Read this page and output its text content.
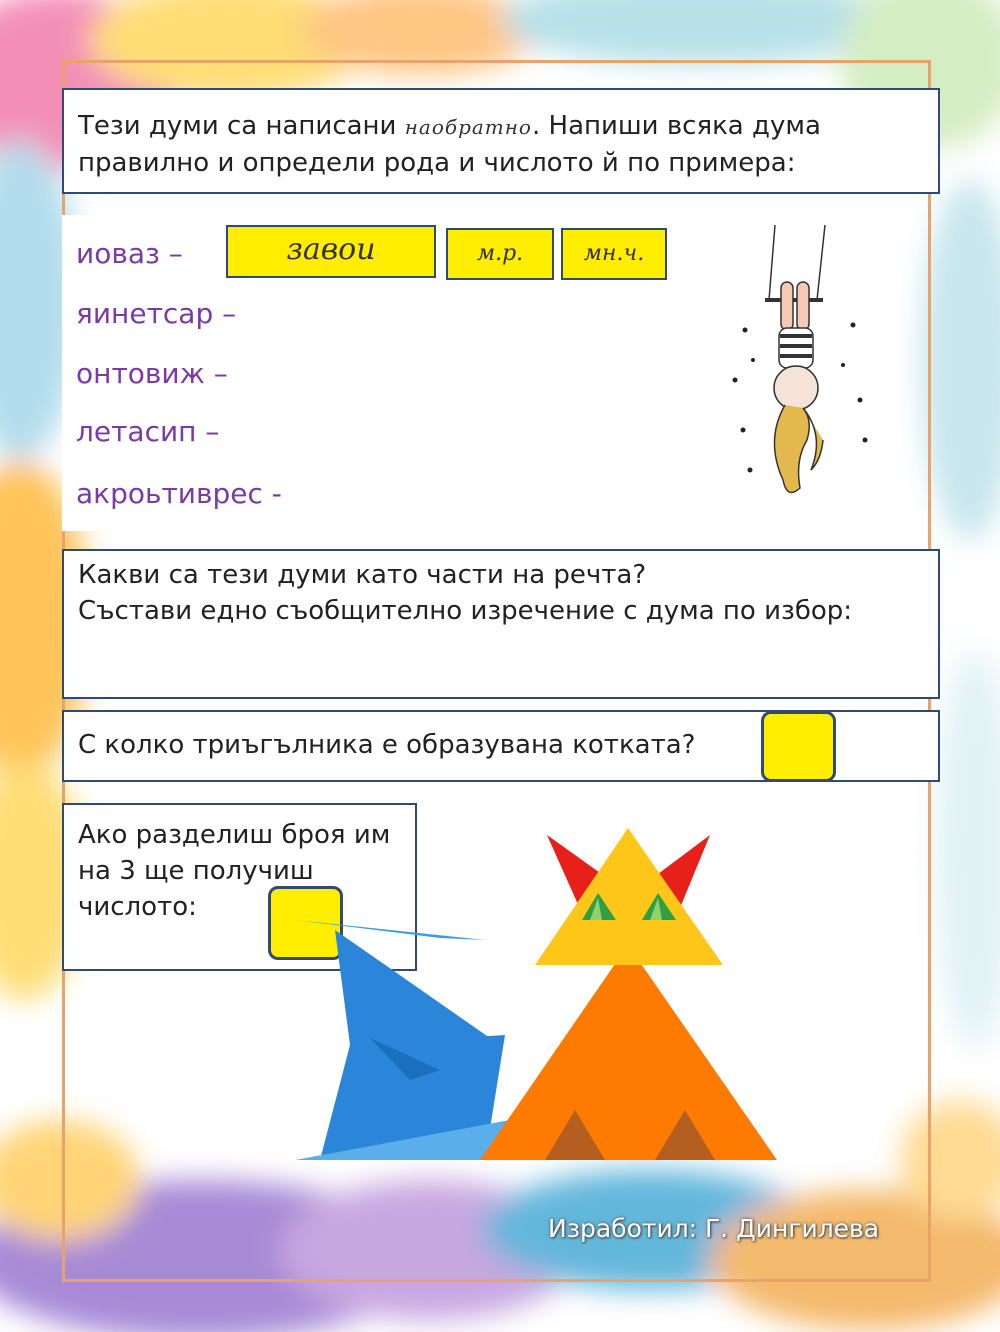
Тези думи са написани наобратно. Напиши всяка дума
правилно и определи рода и числото й по примера:
иоваз –
яинетсар –
онтовиж –
летасип –
акроьтиврес -
завои	м.р.	мн.ч.
Какви са тези думи като части на речта?
Състави едно съобщително изречение с дума по избор:
С колко триъгълника е образувана котката?
Ако разделиш броя им
на 3 ще получиш
числото:
Изработил: Г. Дингилева
